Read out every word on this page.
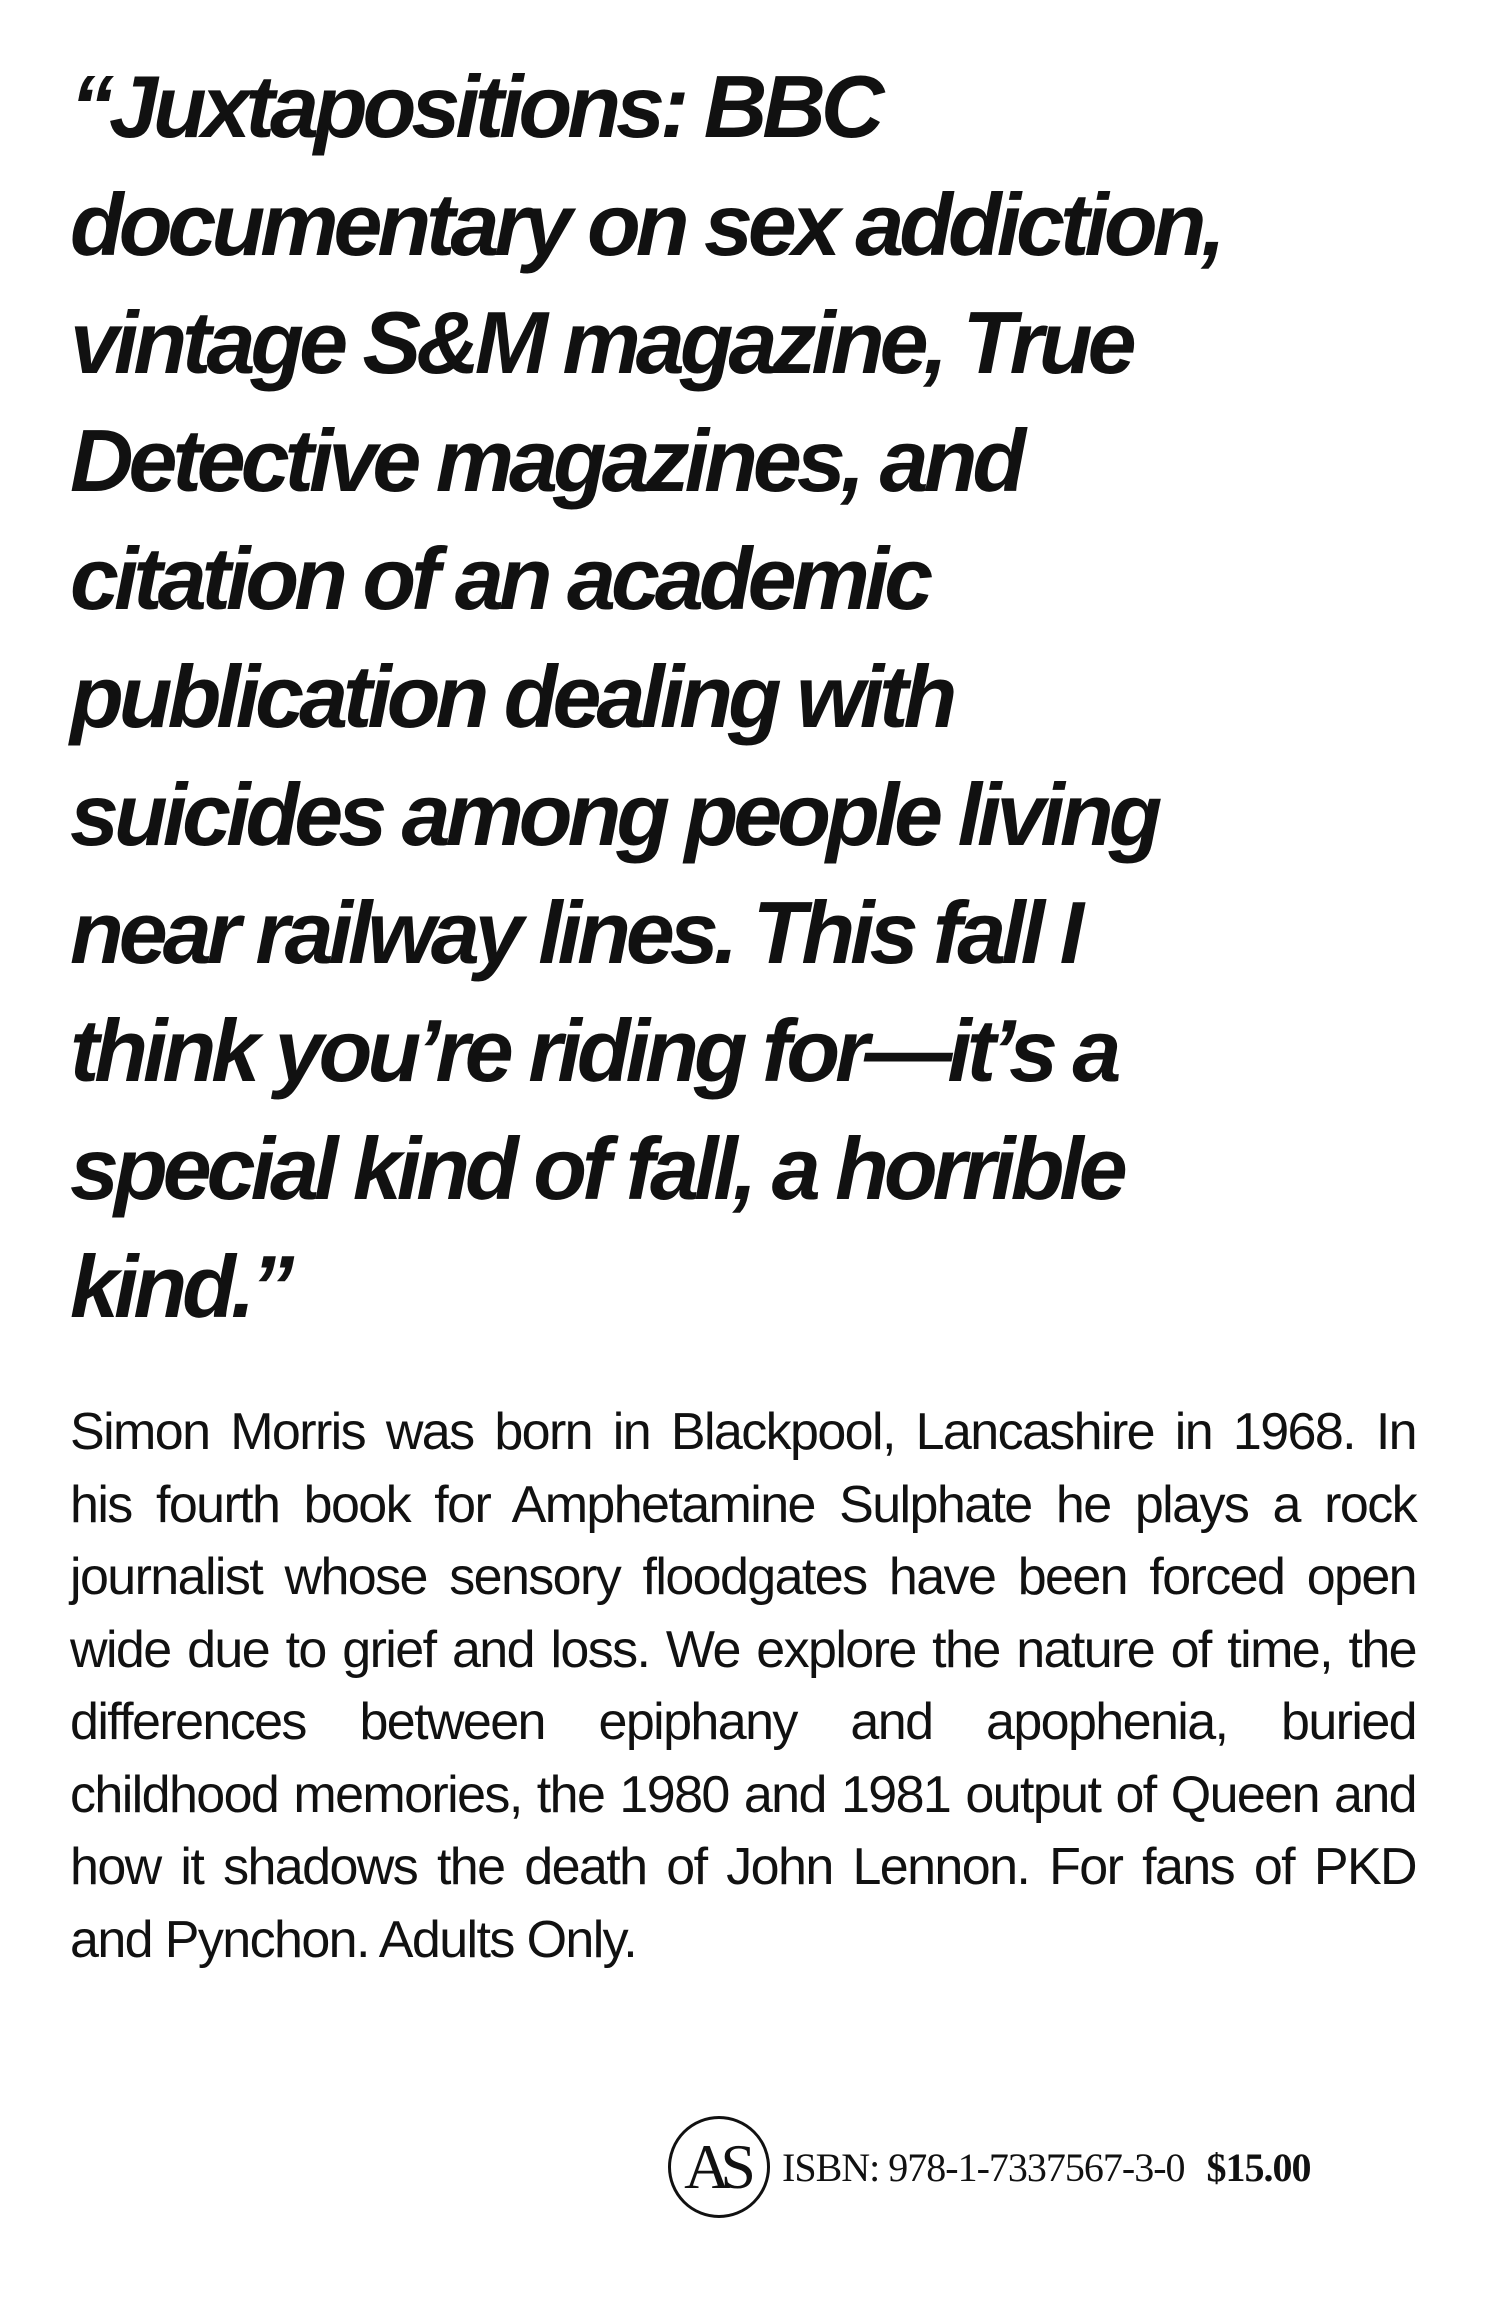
“Juxtapositions: BBC
documentary on sex addiction,
vintage S&M magazine, True
Detective magazines, and
citation of an academic
publication dealing with
suicides among people living
near railway lines. This fall I
think you’re riding for—it’s a
special kind of fall, a horrible
kind.”

Simon Morris was born in Blackpool, Lancashire in 1968. In his fourth book for Amphetamine Sulphate he plays a rock journalist whose sensory floodgates have been forced open wide due to grief and loss. We explore the nature of time, the differences between epiphany and apophenia, buried childhood memories, the 1980 and 1981 output of Queen and how it shadows the death of John Lennon. For fans of PKD and Pynchon. Adults Only.

AS ISBN: 978-1-7337567-3-0 $15.00
